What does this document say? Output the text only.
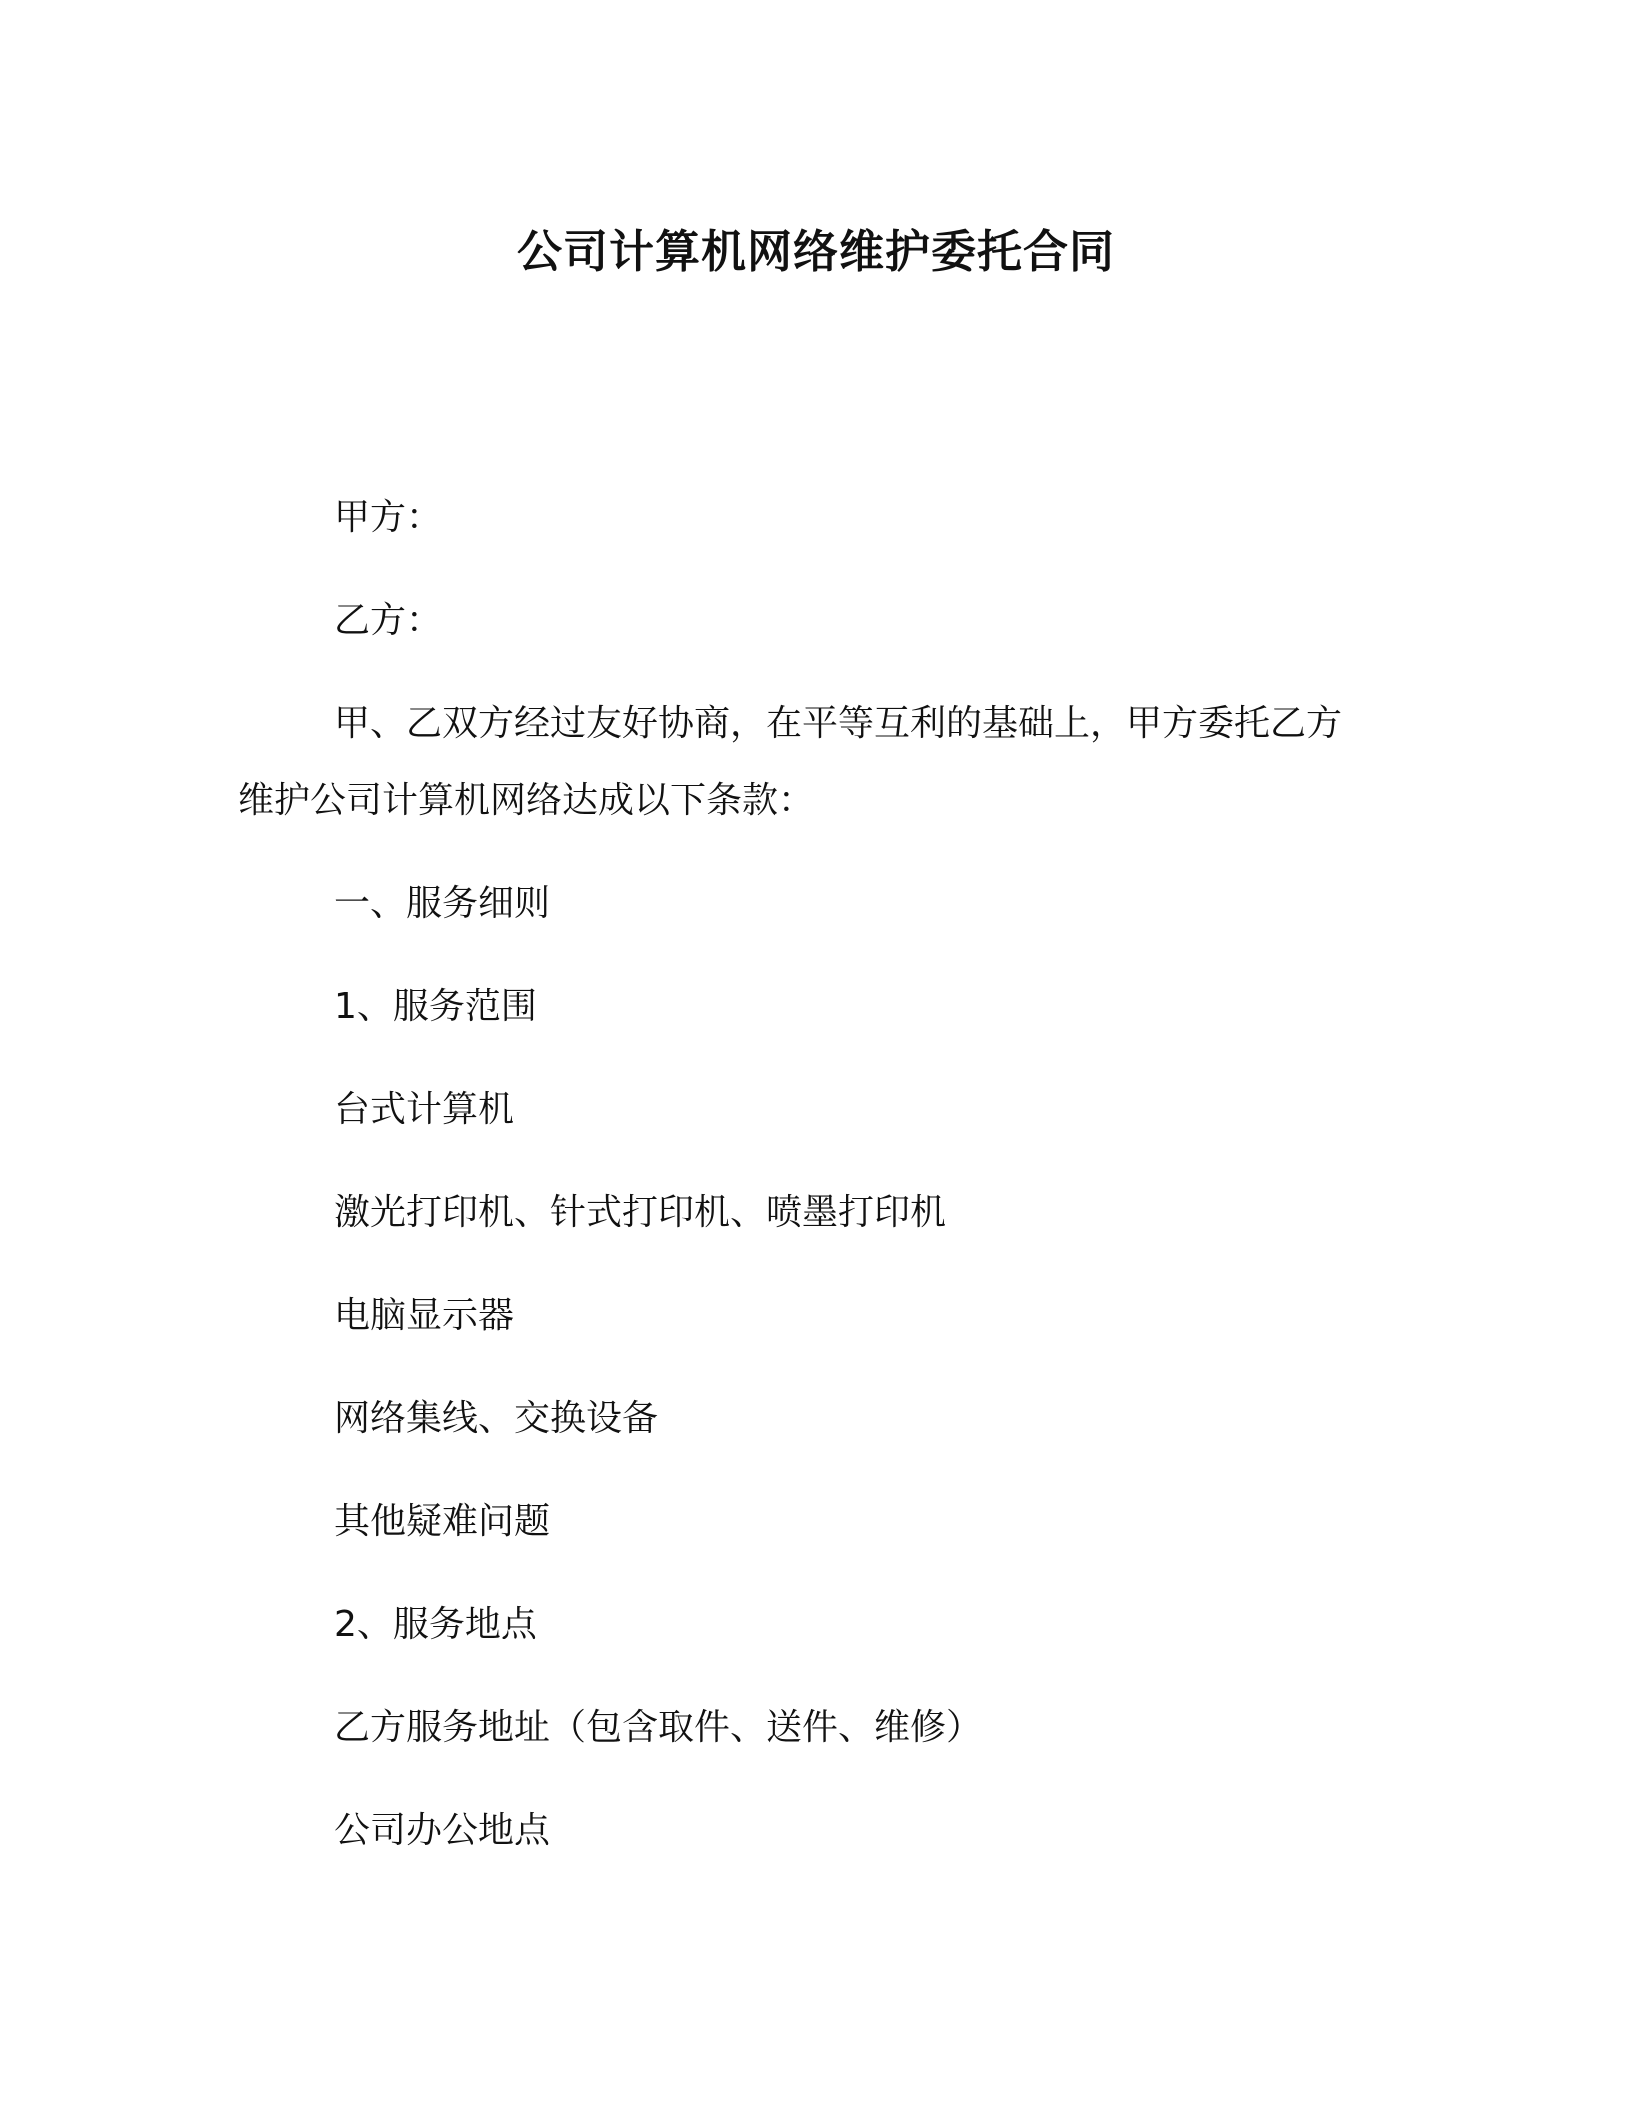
公司计算机网络维护委托合同
甲方：
乙方：
甲、乙双方经过友好协商，在平等互利的基础上，甲方委托乙方
维护公司计算机网络达成以下条款：
一、服务细则
1、服务范围
台式计算机
激光打印机、针式打印机、喷墨打印机
电脑显示器
网络集线、交换设备
其他疑难问题
2、服务地点
乙方服务地址（包含取件、送件、维修）
公司办公地点
